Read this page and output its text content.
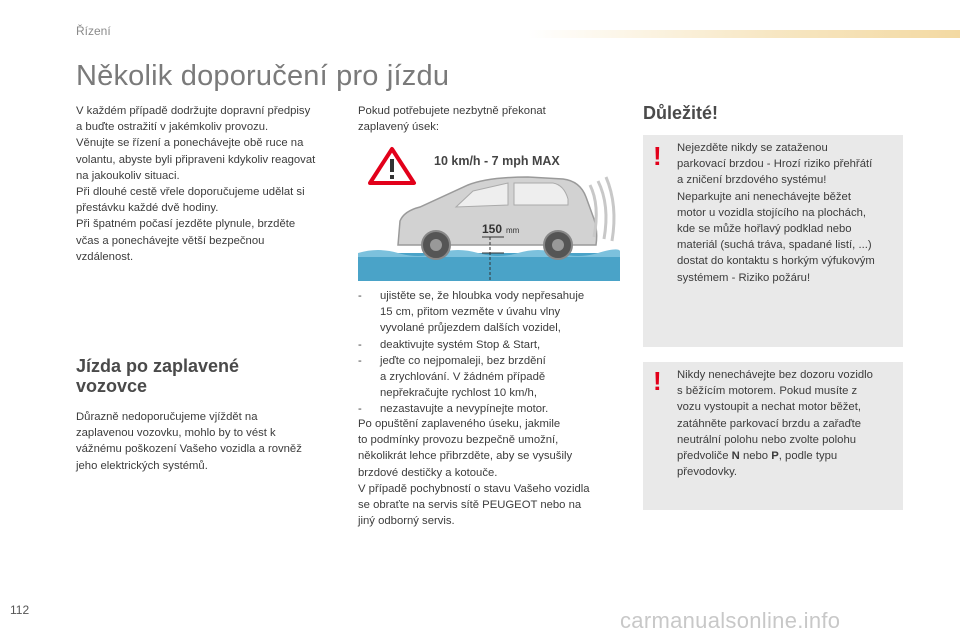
Řízení
Několik doporučení pro jízdu

V každém případě dodržujte dopravní předpisy
a buďte ostražití v jakémkoliv provozu.
Věnujte se řízení a ponechávejte obě ruce na
volantu, abyste byli připraveni kdykoliv reagovat
na jakoukoliv situaci.
Při dlouhé cestě vřele doporučujeme udělat si
přestávku každé dvě hodiny.
Při špatném počasí jezděte plynule, brzděte
včas a ponechávejte větší bezpečnou
vzdálenost.

Jízda po zaplavené
vozovce

Důrazně nedoporučujeme vjíždět na
zaplavenou vozovku, mohlo by to vést k
vážnému poškození Vašeho vozidla a rovněž
jeho elektrických systémů.

Pokud potřebujete nezbytně překonat
zaplavený úsek:

10 km/h - 7 mph MAX
150 mm
- ujistěte se, že hloubka vody nepřesahuje
15 cm, přitom vezměte v úvahu vlny
vyvolané průjezdem dalších vozidel,
- deaktivujte systém Stop & Start,
- jeďte co nejpomaleji, bez brzdění
a zrychlování. V žádném případě
nepřekračujte rychlost 10 km/h,
- nezastavujte a nevypínejte motor.

Po opuštění zaplaveného úseku, jakmile
to podmínky provozu bezpečně umožní,
několikrát lehce přibrzděte, aby se vysušily
brzdové destičky a kotouče.
V případě pochybností o stavu Vašeho vozidla
se obraťte na servis sítě PEUGEOT nebo na
jiný odborný servis.

Důležité!
! Nejezděte nikdy se zataženou
parkovací brzdou - Hrozí riziko přehřátí
a zničení brzdového systému!
Neparkujte ani nenechávejte běžet
motor u vozidla stojícího na plochách,
kde se může hořlavý podklad nebo
materiál (suchá tráva, spadané listí, ...)
dostat do kontaktu s horkým výfukovým
systémem - Riziko požáru!

! Nikdy nenechávejte bez dozoru vozidlo
s běžícím motorem. Pokud musíte z
vozu vystoupit a nechat motor běžet,
zatáhněte parkovací brzdu a zařaďte
neutrální polohu nebo zvolte polohu
předvoliče N nebo P, podle typu
převodovky.

112	carmanualsonline.info
